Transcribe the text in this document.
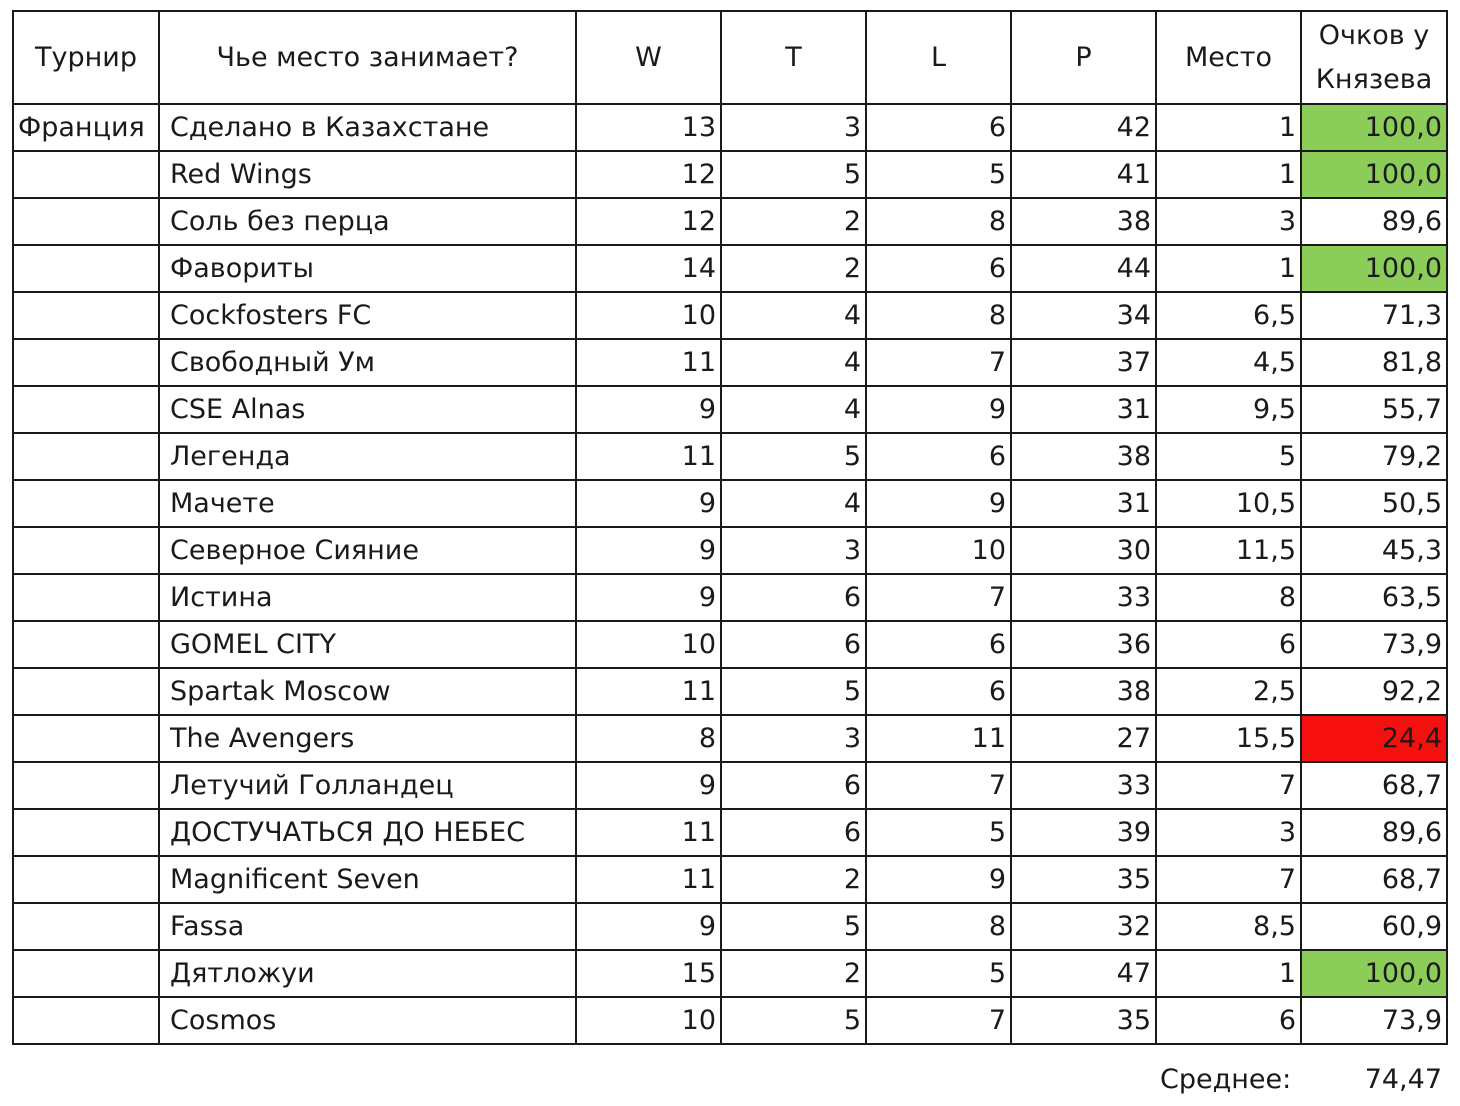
Турнир	Чье место занимает?	W	T	L	P	Место	Очков у Князева
Франция	Сделано в Казахстане	13	3	6	42	1	100,0
	Red Wings	12	5	5	41	1	100,0
	Соль без перца	12	2	8	38	3	89,6
	Фавориты	14	2	6	44	1	100,0
	Cockfosters FC	10	4	8	34	6,5	71,3
	Свободный Ум	11	4	7	37	4,5	81,8
	CSE Alnas	9	4	9	31	9,5	55,7
	Легенда	11	5	6	38	5	79,2
	Мачете	9	4	9	31	10,5	50,5
	Северное Сияние	9	3	10	30	11,5	45,3
	Истина	9	6	7	33	8	63,5
	GOMEL CITY	10	6	6	36	6	73,9
	Spartak Moscow	11	5	6	38	2,5	92,2
	The Avengers	8	3	11	27	15,5	24,4
	Летучий Голландец	9	6	7	33	7	68,7
	ДОСТУЧАТЬСЯ ДО НЕБЕС	11	6	5	39	3	89,6
	Magnificent Seven	11	2	9	35	7	68,7
	Fassa	9	5	8	32	8,5	60,9
	Дятложуи	15	2	5	47	1	100,0
	Cosmos	10	5	7	35	6	73,9
Среднее:	74,47
